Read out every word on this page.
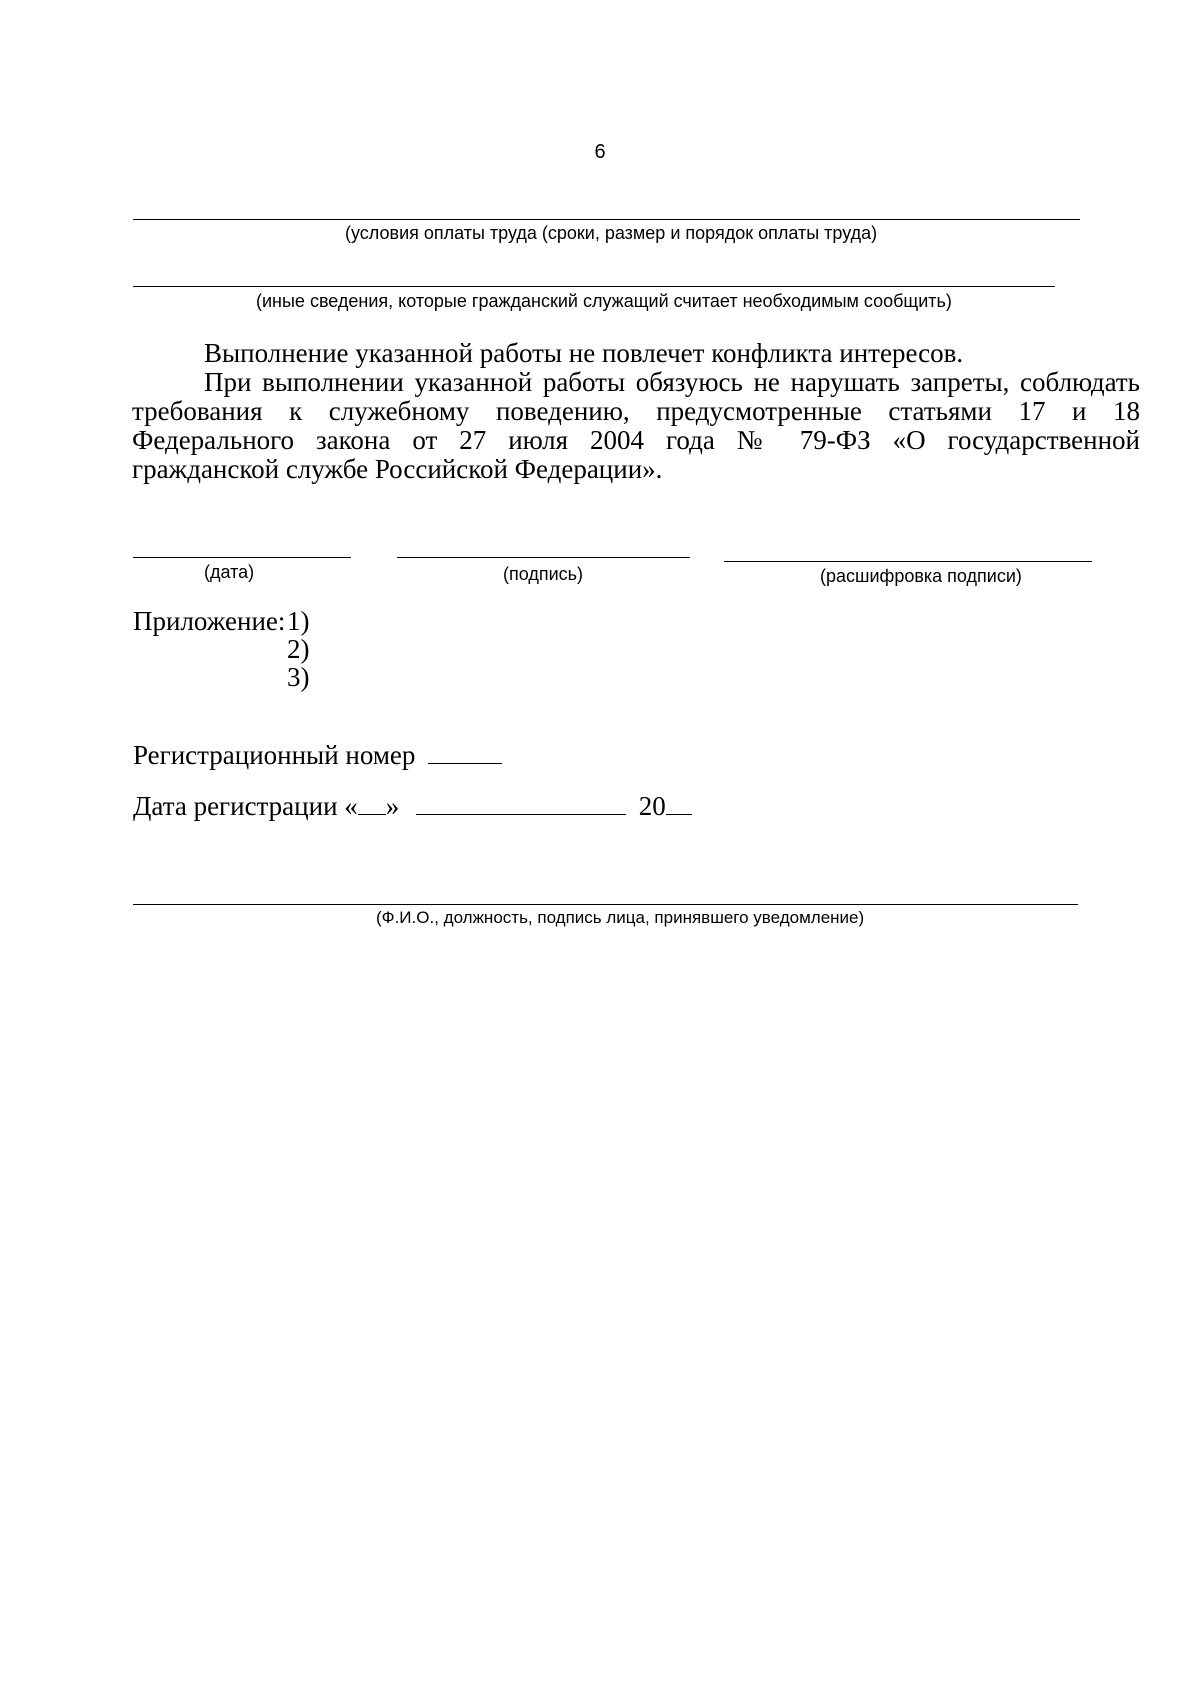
6
(условия оплаты труда (сроки, размер и порядок оплаты труда)
(иные сведения, которые гражданский служащий считает необходимым сообщить)
Выполнение указанной работы не повлечет конфликта интересов.
При выполнении указанной работы обязуюсь не нарушать запреты, соблюдать
требования к служебному поведению, предусмотренные статьями 17 и 18
Федерального закона от 27 июля 2004 года № 79-ФЗ «О государственной
гражданской службе Российской Федерации».
(дата)	(подпись)	(расшифровка подписи)
Приложение: 1)
2)
3)
Регистрационный номер
Дата регистрации « »	20
(Ф.И.О., должность, подпись лица, принявшего уведомление)
